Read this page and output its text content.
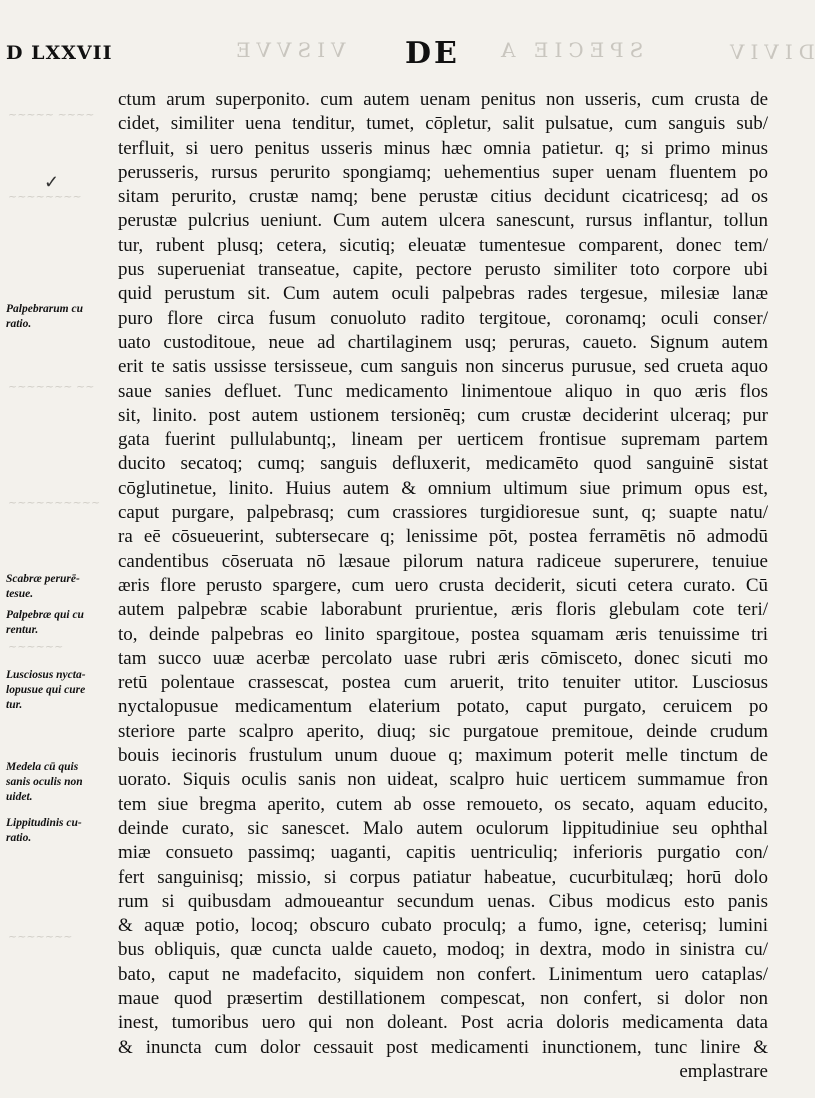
D LXXVII	VISVVE DE SPECIE A	DIVIV
~~~~~ ~~~~
~~~~~~~~
~~~~~~~ ~~
~~~~~~~~~~
~~~~~~
~~~~~~~
✓
Palpebrarum cu
ratio.
Scabræ perurē-
tesue.
Palpebræ qui cu
rentur.
Lusciosus nycta-
lopusue qui cure
tur.
Medela cū quis
sanis oculis non
uidet.
Lippitudinis cu-
ratio.
ctum arum superponito. cum autem uenam penitus non usseris, cum crusta de
cidet, similiter uena tenditur, tumet, cōpletur, salit pulsatue, cum sanguis sub/
terfluit, si uero penitus usseris minus hæc omnia patietur. q; si primo minus
perusseris, rursus perurito spongiamq; uehementius super uenam fluentem po
sitam perurito, crustæ namq; bene perustæ citius decidunt cicatricesq; ad os
perustæ pulcrius ueniunt. Cum autem ulcera sanescunt, rursus inflantur, tollun
tur, rubent plusq; cetera, sicutiq; eleuatæ tumentesue comparent, donec tem/
pus superueniat transeatue, capite, pectore perusto similiter toto corpore ubi
quid perustum sit. Cum autem oculi palpebras rades tergesue, milesiæ lanæ
puro flore circa fusum conuoluto radito tergitoue, coronamq; oculi conser/
uato custoditoue, neue ad chartilaginem usq; peruras, caueto. Signum autem
erit te satis ussisse tersisseue, cum sanguis non sincerus purusue, sed crueta aquo
saue sanies defluet. Tunc medicamento linimentoue aliquo in quo æris flos
sit, linito. post autem ustionem tersionēq; cum crustæ deciderint ulceraq; pur
gata fuerint pullulabuntq;, lineam per uerticem frontisue supremam partem
ducito secatoq; cumq; sanguis defluxerit, medicamēto quod sanguinē sistat
cōglutinetue, linito. Huius autem & omnium ultimum siue primum opus est,
caput purgare, palpebrasq; cum crassiores turgidioresue sunt, q; suapte natu/
ra eē cōsueuerint, subtersecare q; lenissime pōt, postea ferramētis nō admodū
candentibus cōseruata nō læsaue pilorum natura radiceue superurere, tenuiue
æris flore perusto spargere, cum uero crusta deciderit, sicuti cetera curato. Cū
autem palpebræ scabie laborabunt prurientue, æris floris glebulam cote teri/
to, deinde palpebras eo linito spargitoue, postea squamam æris tenuissime tri
tam succo uuæ acerbæ percolato uase rubri æris cōmisceto, donec sicuti mo
retū polentaue crassescat, postea cum aruerit, trito tenuiter utitor. Lusciosus
nyctalopusue medicamentum elaterium potato, caput purgato, ceruicem po
steriore parte scalpro aperito, diuq; sic purgatoue premitoue, deinde crudum
bouis iecinoris frustulum unum duoue q; maximum poterit melle tinctum de
uorato. Siquis oculis sanis non uideat, scalpro huic uerticem summamue fron
tem siue bregma aperito, cutem ab osse remoueto, os secato, aquam educito,
deinde curato, sic sanescet. Malo autem oculorum lippitudiniue seu ophthal
miæ consueto passimq; uaganti, capitis uentriculiq; inferioris purgatio con/
fert sanguinisq; missio, si corpus patiatur habeatue, cucurbitulæq; horū dolo
rum si quibusdam admoueantur secundum uenas. Cibus modicus esto panis
& aquæ potio, locoq; obscuro cubato proculq; a fumo, igne, ceterisq; lumini
bus obliquis, quæ cuncta ualde caueto, modoq; in dextra, modo in sinistra cu/
bato, caput ne madefacito, siquidem non confert. Linimentum uero cataplas/
maue quod præsertim destillationem compescat, non confert, si dolor non
inest, tumoribus uero qui non doleant. Post acria doloris medicamenta data
& inuncta cum dolor cessauit post medicamenti inunctionem, tunc linire &
emplastrare
